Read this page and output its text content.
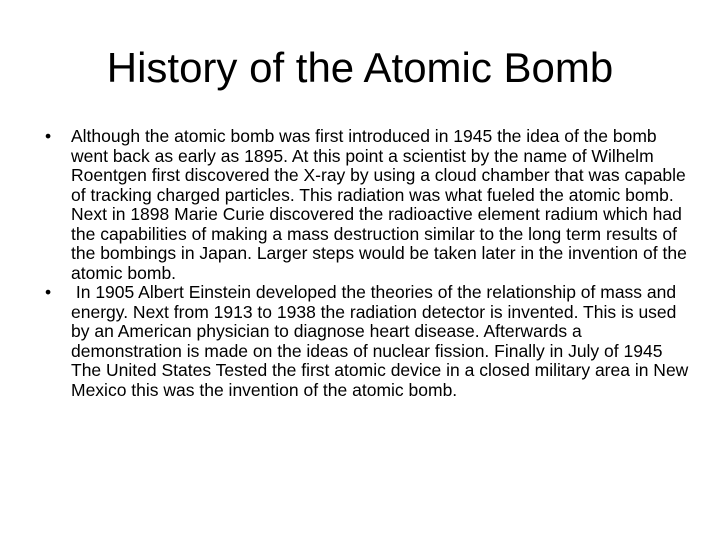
History of the Atomic Bomb
•	Although the atomic bomb was first introduced in 1945 the idea of the bomb went back as early as 1895. At this point a scientist by the name of Wilhelm Roentgen first discovered the X-ray by using a cloud chamber that was capable of tracking charged particles. This radiation was what fueled the atomic bomb. Next in 1898 Marie Curie discovered the radioactive element radium which had the capabilities of making a mass destruction similar to the long term results of the bombings in Japan. Larger steps would be taken later in the invention of the atomic bomb.
•	In 1905 Albert Einstein developed the theories of the relationship of mass and energy. Next from 1913 to 1938 the radiation detector is invented. This is used by an American physician to diagnose heart disease. Afterwards a demonstration is made on the ideas of nuclear fission. Finally in July of 1945 The United States Tested the first atomic device in a closed military area in New Mexico this was the invention of the atomic bomb.
